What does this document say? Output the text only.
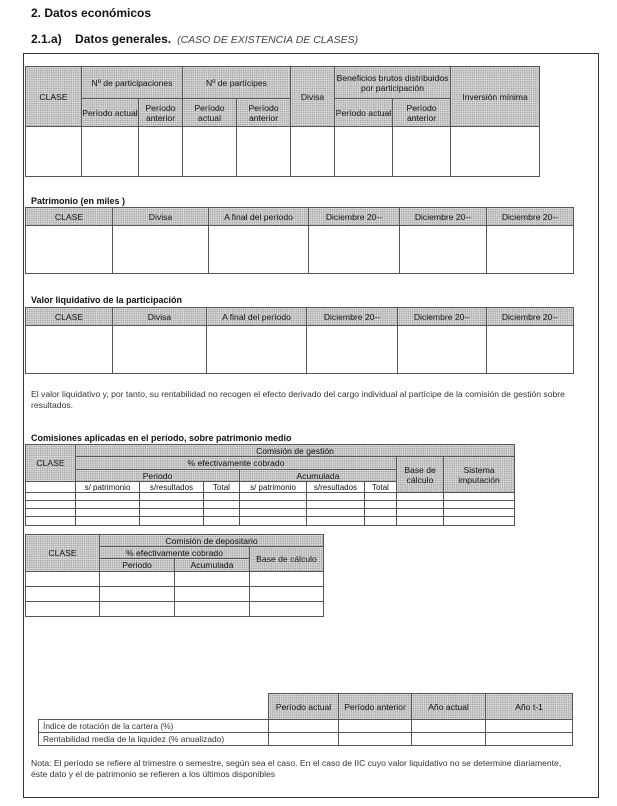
2. Datos económicos
2.1.a) Datos generales. (CASO DE EXISTENCIA DE CLASES)
CLASE	Nº de participaciones		Nº de partícipes		Divisa	Beneficios brutos distribuidos por participación		Inversión mínima
	Período actual	Período anterior	Período actual	Período anterior		Período actual	Período anterior	

Patrimonio (en miles )
CLASE	Divisa	A final del período	Diciembre 20--	Diciembre 20--	Diciembre 20--

Valor liquidativo de la participación
CLASE	Divisa	A final del período	Diciembre 20--	Diciembre 20--	Diciembre 20--

El valor liquidativo y, por tanto, su rentabilidad no recogen el efecto derivado del cargo individual al partícipe de la comisión de gestión sobre resultados.
Comisiones aplicadas en el período, sobre patrimonio medio
CLASE	Comisión de gestión							
	% efectivamente cobrado						Base de cálculo	Sistema imputación
	Periodo			Acumulada				
	s/ patrimonio	s/resultados	Total	s/ patrimonio	s/resultados	Total		

CLASE	Comisión de depositario		
	% efectivamente cobrado		Base de cálculo
	Periodo	Acumulada	

	Período actual	Período anterior	Año actual	Año t-1
Índice de rotación de la cartera (%)				
Rentabilidad media de la liquidez (% anualizado)				
Nota: El período se refiere al trimestre o semestre, según sea el caso. En el caso de IIC cuyo valor liquidativo no se determine diariamente, éste dato y el de patrimonio se refieren a los últimos disponibles
